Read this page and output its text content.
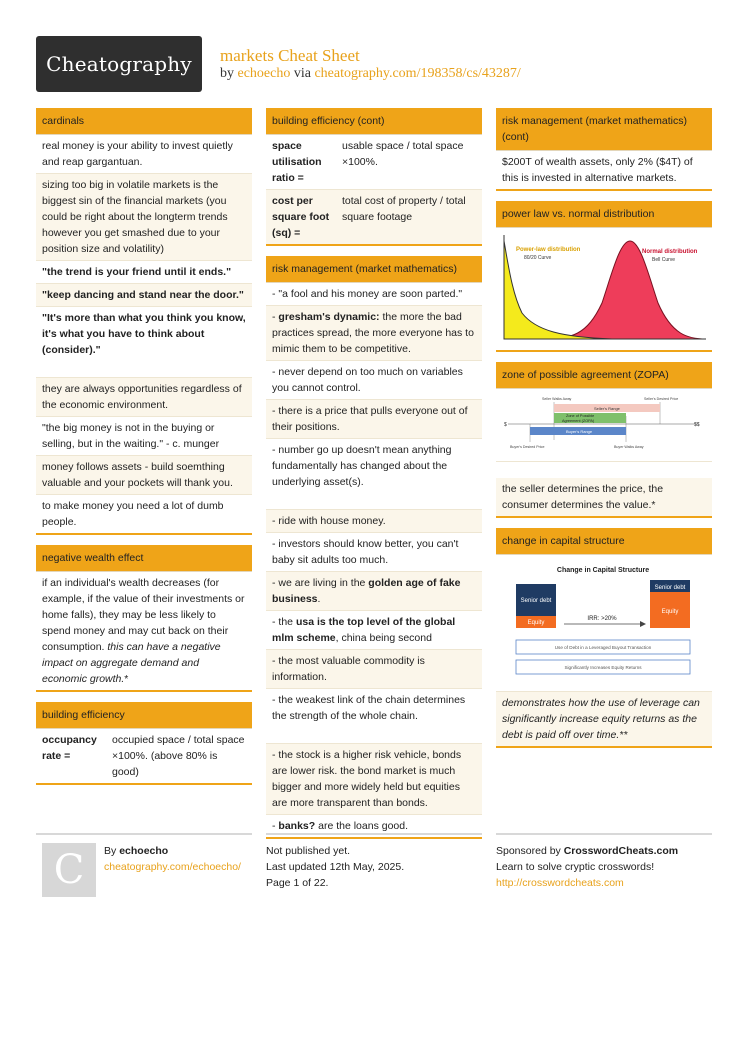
Cheatography markets Cheat Sheet
by echoecho via cheatography.com/198358/cs/43287/
cardinals
real money is your ability to invest quietly and reap gargantuan.
sizing too big in volatile markets is the biggest sin of the financial markets (you could be right about the longterm trends however you get smashed due to your position size and volatility)
"the trend is your friend until it ends."
"keep dancing and stand near the door."
"It's more than what you think you know, it's what you have to think about (consider)."
they are always opportunities regardless of the economic environment.
"the big money is not in the buying or selling, but in the waiting." - c. munger
money follows assets - build soemthing valuable and your pockets will thank you.
to make money you need a lot of dumb people.
negative wealth effect
if an individual's wealth decreases (for example, if the value of their investments or home falls), they may be less likely to spend money and may cut back on their consumption. this can have a negative impact on aggregate demand and economic growth.*
building efficiency
occupancy rate =
occupied space / total space ×100%. (above 80% is good)
building efficiency (cont)
space utilisation ratio =
usable space / total space ×100%.
cost per square foot (sq) =
total cost of property / total square footage
risk management (market mathematics)
- "a fool and his money are soon parted."
- gresham's dynamic: the more the bad practices spread, the more everyone has to mimic them to be competitive.
- never depend on too much on variables you cannot control.
- there is a price that pulls everyone out of their positions.
- number go up doesn't mean anything fundamentally has changed about the underlying asset(s).
- ride with house money.
- investors should know better, you can't baby sit adults too much.
- we are living in the golden age of fake business.
- the usa is the top level of the global mlm scheme, china being second
- the most valuable commodity is information.
- the weakest link of the chain determines the strength of the whole chain.
- the stock is a higher risk vehicle, bonds are lower risk. the bond market is much bigger and more widely held but equities are more transparent than bonds.
- banks? are the loans good.
risk management (market mathematics) (cont)
$200T of wealth assets, only 2% ($4T) of this is invested in alternative markets.
power law vs. normal distribution
Power-law distribution
80/20 Curve
Normal distribution
Bell Curve
zone of possible agreement (ZOPA)
Seller Walks Away	Seller's Desired Price
Seller's Range
Zone of Possible
Agreement (ZOPA)
$	$$
Buyer's Range
Buyer's Desired Price	Buyer Walks Away
the seller determines the price, the consumer determines the value.*
change in capital structure
Change in Capital Structure
Senior debt
Equity
IRR: >20%
Senior debt
Equity
Use of Debt in a Leveraged Buyout Transaction
Significantly Increases Equity Returns
demonstrates how the use of leverage can significantly increase equity returns as the debt is paid off over time.**
C By echoecho
cheatography.com/echoecho/
Not published yet.
Last updated 12th May, 2025.
Page 1 of 22.
Sponsored by CrosswordCheats.com
Learn to solve cryptic crosswords!
http://crosswordcheats.com
